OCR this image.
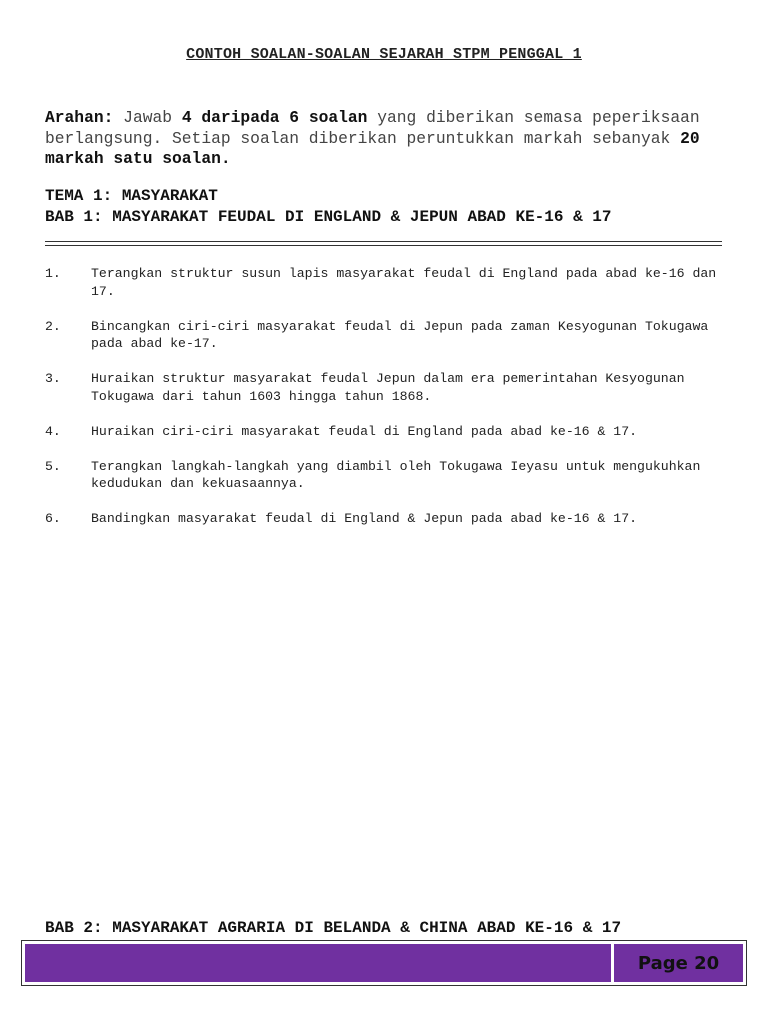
CONTOH SOALAN-SOALAN SEJARAH STPM PENGGAL 1
Arahan: Jawab 4 daripada 6 soalan yang diberikan semasa peperiksaan berlangsung. Setiap soalan diberikan peruntukkan markah sebanyak 20 markah satu soalan.
TEMA 1: MASYARAKAT
BAB 1: MASYARAKAT FEUDAL DI ENGLAND & JEPUN ABAD KE-16 & 17
1.	Terangkan struktur susun lapis masyarakat feudal di England pada abad ke-16 dan 17.
2.	Bincangkan ciri-ciri masyarakat feudal di Jepun pada zaman Kesyogunan Tokugawa pada abad ke-17.
3.	Huraikan struktur masyarakat feudal Jepun dalam era pemerintahan Kesyogunan Tokugawa dari tahun 1603 hingga tahun 1868.
4.	Huraikan ciri-ciri masyarakat feudal di England pada abad ke-16 & 17.
5.	Terangkan langkah-langkah yang diambil oleh Tokugawa Ieyasu untuk mengukuhkan kedudukan dan kekuasaannya.
6.	Bandingkan masyarakat feudal di England & Jepun pada abad ke-16 & 17.
BAB 2: MASYARAKAT AGRARIA DI BELANDA & CHINA ABAD KE-16 & 17
Page 20
